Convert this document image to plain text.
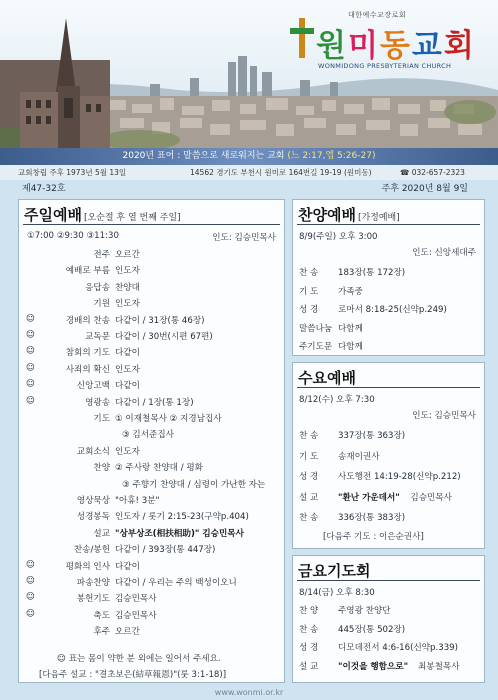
대한예수교장로회
원미동교회
WONMIDONG PRESBYTERIAN CHURCH
2020년 표어 : 말씀으로 새로워지는 교회 (느 2:17,엡 5:26-27)
교회창립 주후 1973년 5월 13일	14562 경기도 부천시 원미로 164번길 19-19 (원미동)	☎ 032-657-2323
제47-32호	주후 2020년 8월 9일
주일예배 [오순절 후 열 번째 주일]
①7:00 ②9:30 ③11:30	인도: 김승민목사
전주 오르간
예배로 부름 인도자
응답송 찬양대
기원 인도자
☺	경배의 찬송 다같이 / 31장(통 46장)
☺	교독문 다같이 / 30번(시편 67편)
☺	참회의 기도 다같이
☺	사죄의 확신 인도자
☺	신앙고백 다같이
☺	영광송 다같이 / 1장(통 1장)
기도 ① 이재철목사 ② 지경남집사
③ 김서준집사
교회소식 인도자
찬양 ② 주사랑 찬양대 / 평화
③ 주향기 찬양대 / 심령이 가난한 자는
영상묵상 "아휴! 3분"
성경봉독 인도자 / 롯기 2:15-23(구약p.404)
설교 "상부상조(相扶相助)" 김승민목사
찬송/봉헌 다같이 / 393장(통 447장)
☺	평화의 인사 다같이
☺	파송찬양 다같이 / 우리는 주의 백성이오니
☺	봉헌기도 김승민목사
☺	축도 김승민목사
후주 오르간
☺ 표는 몸이 약한 분 외에는 일어서 주세요.
[다음주 설교 : "결초보은(結草報恩)"(룻 3:1-18)]
찬양예배 [가정예배]
8/9(주일) 오후 3:00
인도: 신앙세대주
찬 송 183장(통 172장)
기 도 가족중
성 경 로마서 8:18-25(신약p.249)
말씀나눔 다함께
주기도문 다함께
수요예배
8/12(수) 오후 7:30
인도: 김승민목사
찬 송 337장(통 363장)
기 도 송재이권사
성 경 사도행전 14:19-28(신약p.212)
설 교 "환난 가운데서" 김승민목사
찬 송 336장(통 383장)
[다음주 기도 : 이은순권사]
금요기도회
8/14(금) 오후 8:30
찬 양 주영광 찬양단
찬 송 445장(통 502장)
성 경 디모데전서 4:6-16(신약p.339)
설 교 "이것을 행함으로" 최봉철목사
www.wonmi.or.kr
